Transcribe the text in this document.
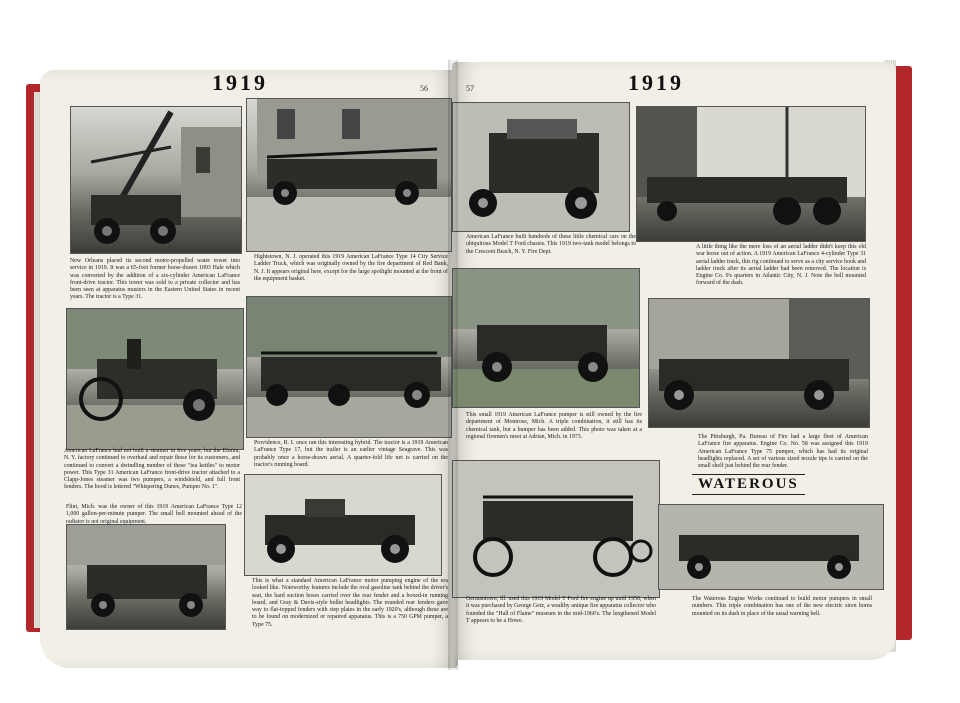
1919	56
New Orleans placed its second motor-propelled water tower into service in 1919. It was a 65-foot former horse-drawn 1893 Hale which was converted by the addition of a six-cylinder American LaFrance front-drive tractor. This tower was sold to a private collector and has been seen at apparatus musters in the Eastern United States in recent years. The tractor is a Type 31.
Hightstown, N. J. operated this 1919 American LaFrance Type 14 City Service Ladder Truck, which was originally owned by the fire department of Red Bank, N. J. It appears original here, except for the large spotlight mounted at the front of the equipment basket.
American LaFrance had not built a steamer in five years, but the Elmira, N. Y. factory continued to overhaul and repair those for its customers, and continued to convert a dwindling number of these "tea kettles" to motor power. This Type 31 American LaFrance front-drive tractor attached to a Clapp-Jones steamer was two pumpers, a windshield, and full front fenders. The hood is lettered "Whispering Dunes, Pumper No. 1".
Providence, R. I. once ran this interesting hybrid. The tractor is a 1919 American LaFrance Type 17, but the trailer is an earlier vintage Seagrave. This was probably once a horse-drawn aerial. A quarter-fold life net is carried on the tractor's running board.
Flint, Mich. was the owner of this 1919 American LaFrance Type 12 1,000 gallon-per-minute pumper. The small bell mounted ahead of the radiator is not original equipment.
This is what a standard American LaFrance motor pumping engine of the era looked like. Noteworthy features include the oval gasoline tank behind the driver's seat, the hard suction hoses carried over the rear fender and a boxed-in running board, and Gray & Davis-style bullet headlights. The rounded rear fenders gave way to flat-topped fenders with step plates in the early 1920's, although these are to be found on modernized or repaired apparatus. This is a 750 GPM pumper, a Type 75.
57	1919
American LaFrance built hundreds of these little chemical cars on the ubiquitous Model T Ford chassis. This 1919 two-tank model belongs to the Crescent Beach, N. Y. Fire Dept.
A little thing like the mere loss of an aerial ladder didn't keep this old war horse out of action. A 1919 American LaFrance 4-cylinder Type 31 aerial ladder truck, this rig continued to serve as a city service hook and ladder truck after its aerial ladder had been removed. The location is Engine Co. 9's quarters in Atlantic City, N. J. Note the bell mounted forward of the dash.
This small 1919 American LaFrance pumper is still owned by the fire department of Montrose, Mich. A triple combination, it still has its chemical tank, but a bumper has been added. This photo was taken at a regional firemen's meet at Adrian, Mich. in 1973.	The Pittsburgh, Pa. Bureau of Fire had a large fleet of American LaFrance fire apparatus. Engine Co. No. 58 was assigned this 1919 American LaFrance Type 75 pumper, which has had its original headlights replaced. A set of various sized nozzle tips is carried on the small shelf just behind the rear fender.
WATEROUS
Germantown, Ill. used this 1919 Model T Ford fire engine up until 1958, when it was purchased by George Getz, a wealthy antique fire apparatus collector who founded the "Hall of Flame" museum in the mid-1960's. The lengthened Model T appears to be a Howe.
The Waterous Engine Works continued to build motor pumpers in small numbers. This triple combination has one of the new electric siren horns mounted on its dash in place of the usual warning bell.
